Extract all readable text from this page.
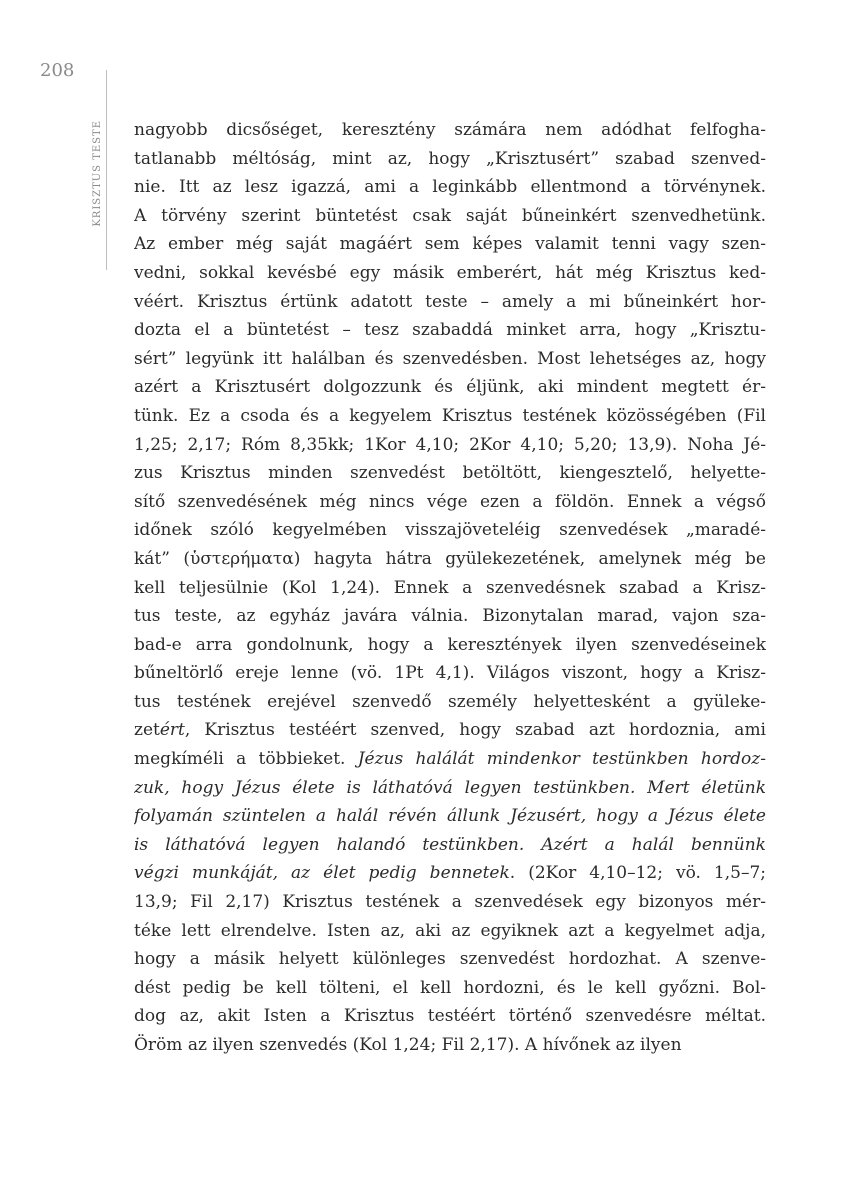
208
KRISZTUS TESTE nagyobb dicsőséget, keresztény számára nem adódhat felfogha-
tatlanabb méltóság, mint az, hogy „Krisztusért” szabad szenved-
nie. Itt az lesz igazzá, ami a leginkább ellentmond a törvénynek.
A törvény szerint büntetést csak saját bűneinkért szenvedhetünk.
Az ember még saját magáért sem képes valamit tenni vagy szen-
vedni, sokkal kevésbé egy másik emberért, hát még Krisztus ked-
véért. Krisztus értünk adatott teste – amely a mi bűneinkért hor-
dozta el a büntetést – tesz szabaddá minket arra, hogy „Krisztu-
sért” legyünk itt halálban és szenvedésben. Most lehetséges az, hogy
azért a Krisztusért dolgozzunk és éljünk, aki mindent megtett ér-
tünk. Ez a csoda és a kegyelem Krisztus testének közösségében (Fil
1,25; 2,17; Róm 8,35kk; 1Kor 4,10; 2Kor 4,10; 5,20; 13,9). Noha Jé-
zus Krisztus minden szenvedést betöltött, kiengesztelő, helyette-
sítő szenvedésének még nincs vége ezen a földön. Ennek a végső
időnek szóló kegyelmében visszajöveteléig szenvedések „maradé-
kát” (ὑστερήματα) hagyta hátra gyülekezetének, amelynek még be
kell teljesülnie (Kol 1,24). Ennek a szenvedésnek szabad a Krisz-
tus teste, az egyház javára válnia. Bizonytalan marad, vajon sza-
bad-e arra gondolnunk, hogy a keresztények ilyen szenvedéseinek
bűneltörlő ereje lenne (vö. 1Pt 4,1). Világos viszont, hogy a Krisz-
tus testének erejével szenvedő személy helyettesként a gyüleke-
zetért, Krisztus testéért szenved, hogy szabad azt hordoznia, ami
megkíméli a többieket. Jézus halálát mindenkor testünkben hordoz-
zuk, hogy Jézus élete is láthatóvá legyen testünkben. Mert életünk
folyamán szüntelen a halál révén állunk Jézusért, hogy a Jézus élete
is láthatóvá legyen halandó testünkben. Azért a halál bennünk
végzi munkáját, az élet pedig bennetek. (2Kor 4,10–12; vö. 1,5–7;
13,9; Fil 2,17) Krisztus testének a szenvedések egy bizonyos mér-
téke lett elrendelve. Isten az, aki az egyiknek azt a kegyelmet adja,
hogy a másik helyett különleges szenvedést hordozhat. A szenve-
dést pedig be kell tölteni, el kell hordozni, és le kell győzni. Bol-
dog az, akit Isten a Krisztus testéért történő szenvedésre méltat.
Öröm az ilyen szenvedés (Kol 1,24; Fil 2,17). A hívőnek az ilyen
